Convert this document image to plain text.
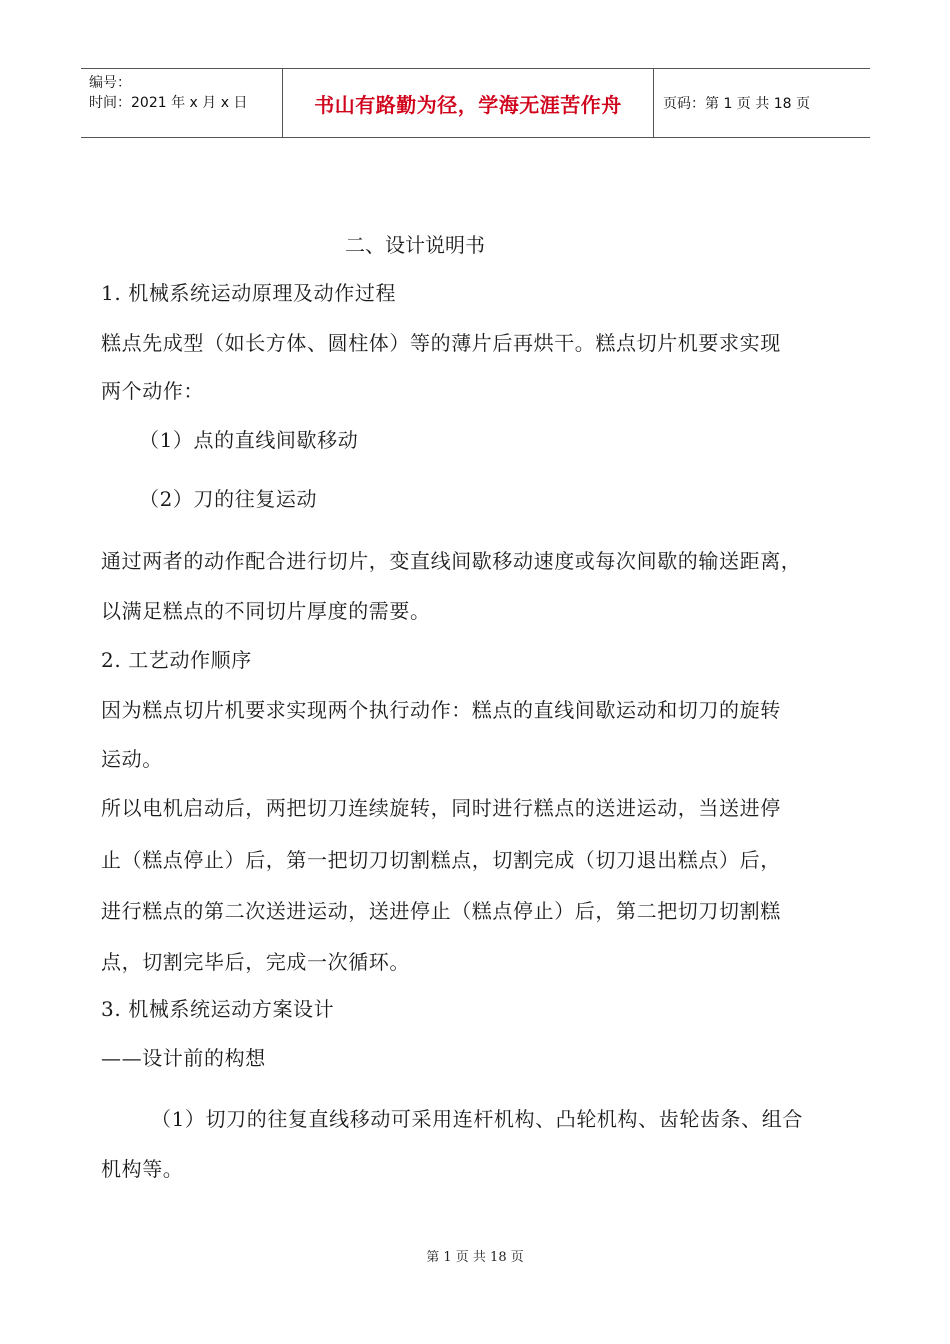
编号：
时间：2021 年 x 月 x 日	书山有路勤为径，学海无涯苦作舟	页码：第 1 页 共 18 页
二、设计说明书
1. 机械系统运动原理及动作过程
糕点先成型（如长方体、圆柱体）等的薄片后再烘干。糕点切片机要求实现
两个动作：
（1）点的直线间歇移动
（2）刀的往复运动
通过两者的动作配合进行切片，变直线间歇移动速度或每次间歇的输送距离，
以满足糕点的不同切片厚度的需要。
2. 工艺动作顺序
因为糕点切片机要求实现两个执行动作：糕点的直线间歇运动和切刀的旋转
运动。
所以电机启动后，两把切刀连续旋转，同时进行糕点的送进运动，当送进停
止（糕点停止）后，第一把切刀切割糕点，切割完成（切刀退出糕点）后，
进行糕点的第二次送进运动，送进停止（糕点停止）后，第二把切刀切割糕
点，切割完毕后，完成一次循环。
3. 机械系统运动方案设计
——设计前的构想
（1）切刀的往复直线移动可采用连杆机构、凸轮机构、齿轮齿条、组合
机构等。
第 1 页 共 18 页
